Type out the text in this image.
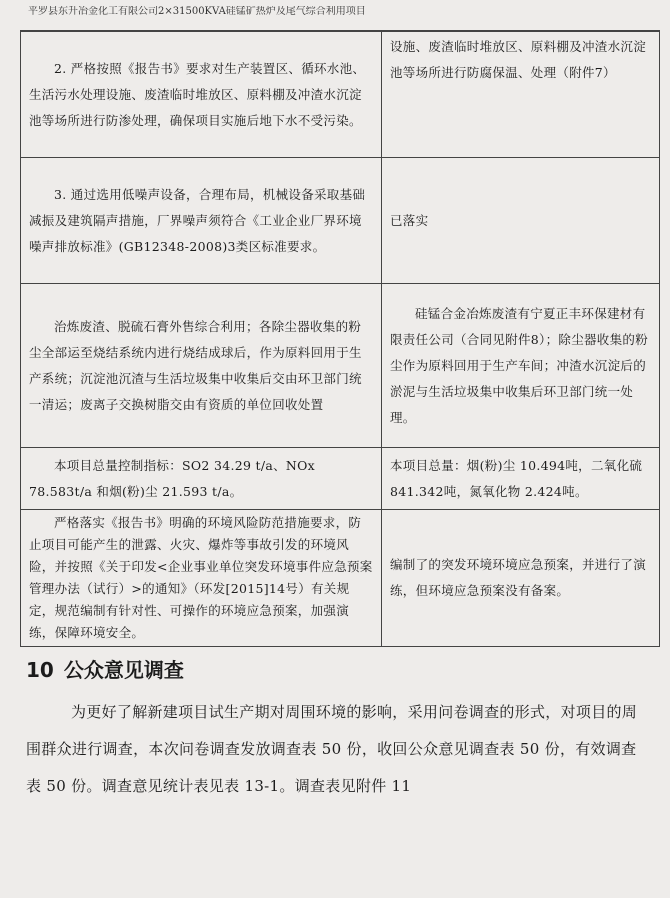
平罗县东升冶金化工有限公司2×31500KVA硅锰矿热炉及尾气综合利用项目
2. 严格按照《报告书》要求对生产装置区、循环水池、生活污水处理设施、废渣临时堆放区、原料棚及冲渣水沉淀池等场所进行防渗处理，确保项目实施后地下水不受污染。	设施、废渣临时堆放区、原料棚及冲渣水沉淀池等场所进行防腐保温、处理（附件7）
3. 通过选用低噪声设备，合理布局，机械设备采取基础减振及建筑隔声措施，厂界噪声须符合《工业企业厂界环境噪声排放标准》(GB12348-2008)3类区标准要求。	已落实
治炼废渣、脱硫石膏外售综合利用；各除尘器收集的粉尘全部运至烧结系统内进行烧结成球后，作为原料回用于生产系统；沉淀池沉渣与生活垃圾集中收集后交由环卫部门统一清运；废离子交换树脂交由有资质的单位回收处置	硅锰合金冶炼废渣有宁夏正丰环保建材有限责任公司（合同见附件8）；除尘器收集的粉尘作为原料回用于生产车间；冲渣水沉淀后的淤泥与生活垃圾集中收集后环卫部门统一处理。
本项目总量控制指标：SO2 34.29 t/a、NOx 78.583t/a 和烟(粉)尘 21.593 t/a。	本项目总量：烟(粉)尘 10.494吨，二氧化硫 841.342吨，氮氧化物 2.424吨。
严格落实《报告书》明确的环境风险防范措施要求，防止项目可能产生的泄露、火灾、爆炸等事故引发的环境风险，并按照《关于印发<企业事业单位突发环境事件应急预案管理办法（试行）>的通知》（环发[2015]14号）有关规定，规范编制有针对性、可操作的环境应急预案，加强演练，保障环境安全。	编制了的突发环境环境应急预案，并进行了演练，但环境应急预案没有备案。
10 公众意见调查
为更好了解新建项目试生产期对周围环境的影响，采用问卷调查的形式，对项目的周围群众进行调查，本次问卷调查发放调查表 50 份，收回公众意见调查表 50 份，有效调查表 50 份。调查意见统计表见表 13-1。调查表见附件 11
